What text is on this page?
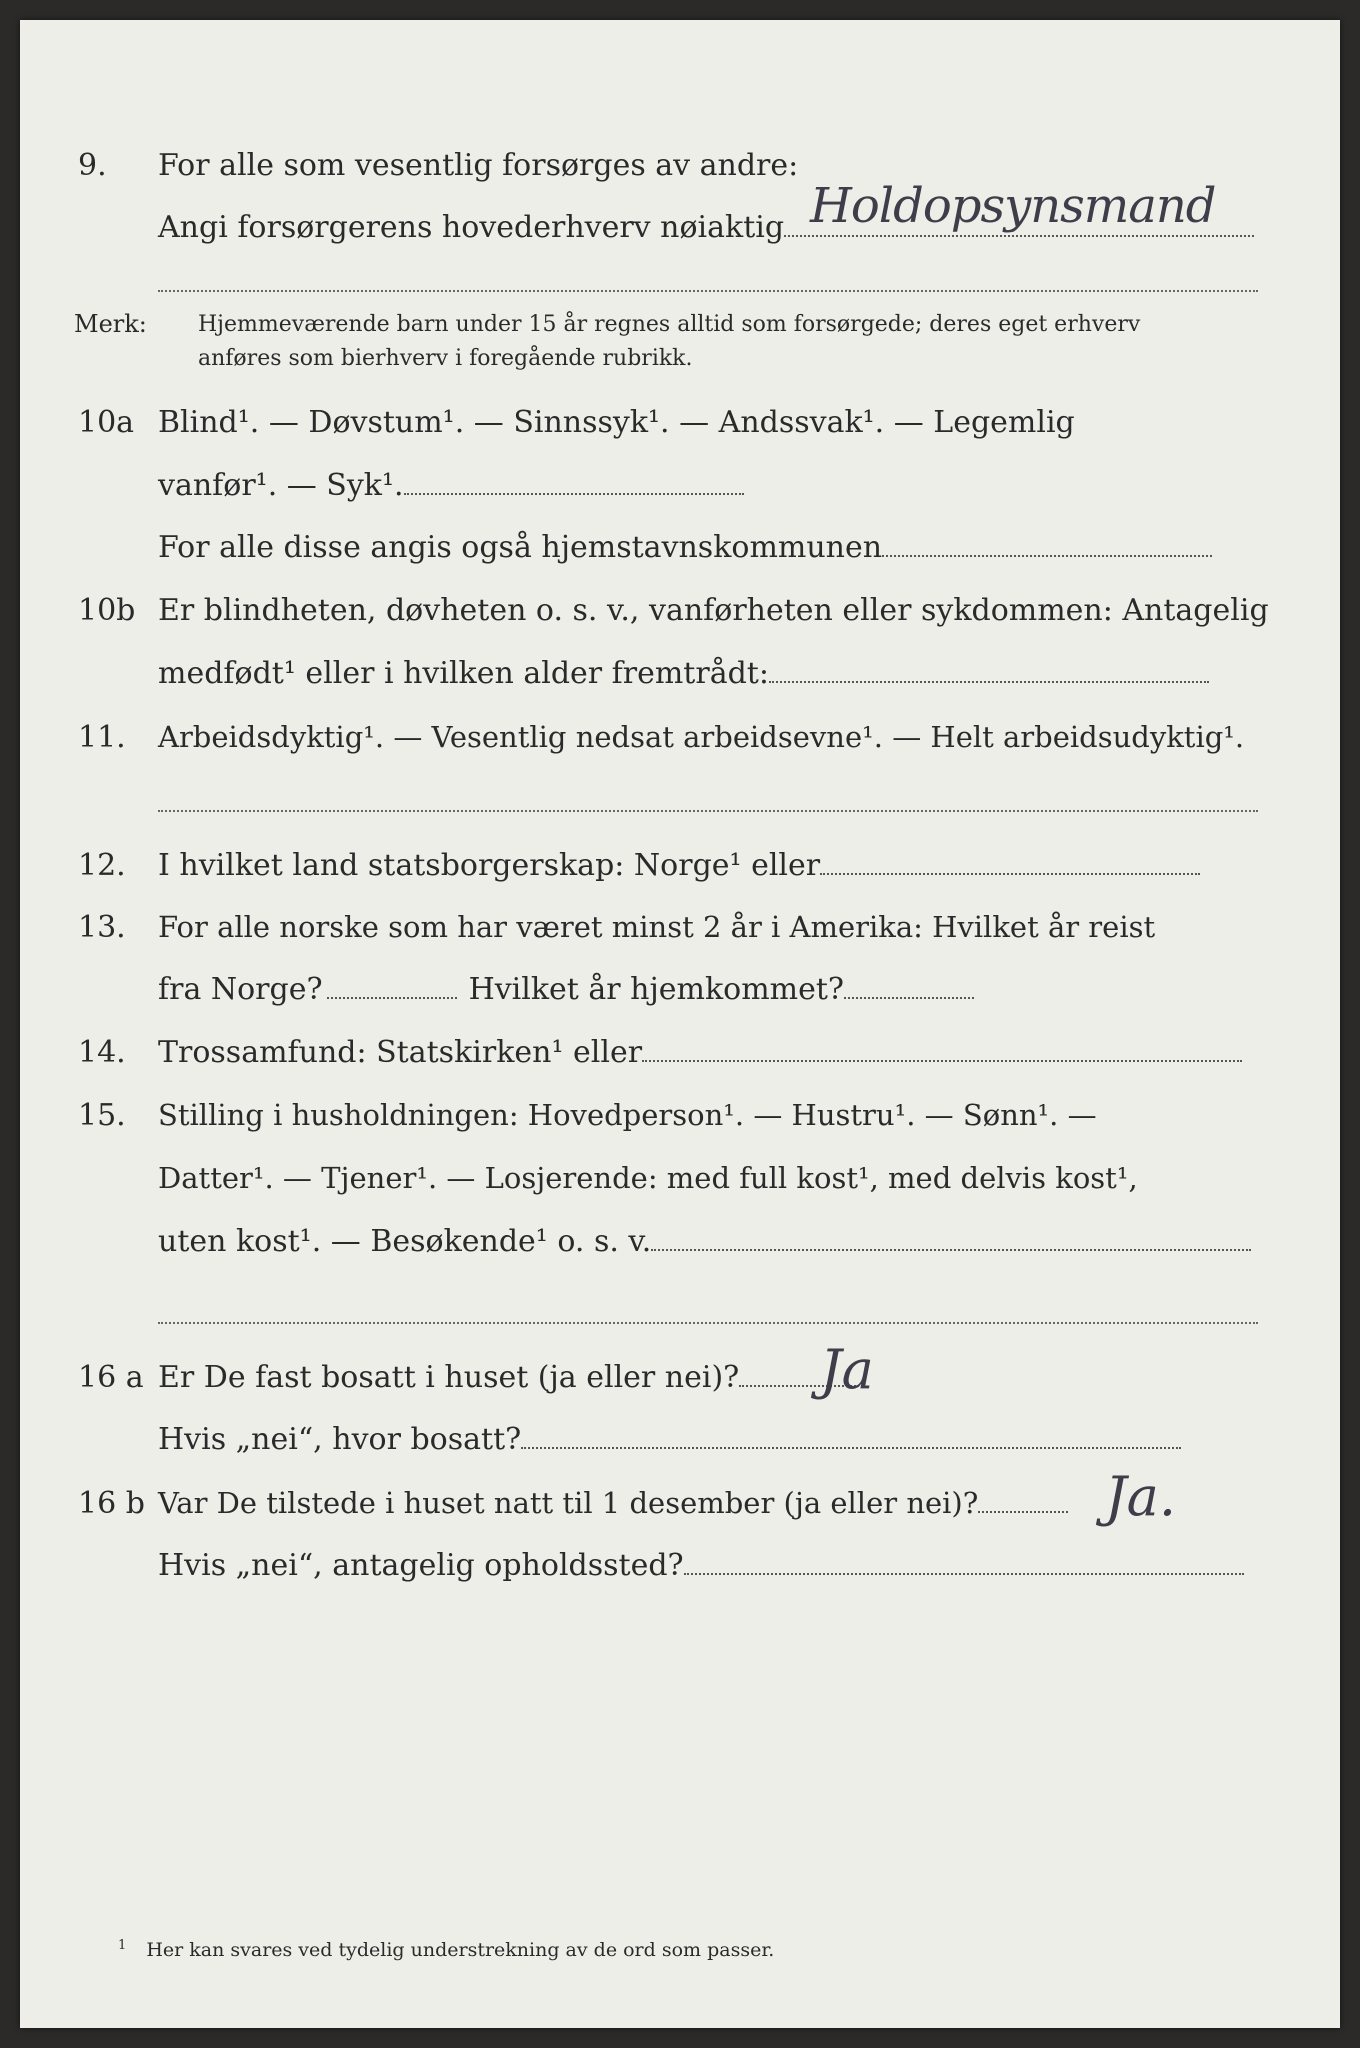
9. For alle som vesentlig forsørges av andre:
Angi forsørgerens hovederhverv nøiaktig Holdopsynsmand
Merk: Hjemmeværende barn under 15 år regnes alltid som forsørgede; deres eget erhverv
anføres som bierhverv i foregående rubrikk.
10a Blind¹. — Døvstum¹. — Sinnssyk¹. — Andssvak¹. — Legemlig
vanfør¹. — Syk¹.
For alle disse angis også hjemstavnskommunen
10b Er blindheten, døvheten o. s. v., vanførheten eller sykdommen: Antagelig
medfødt¹ eller i hvilken alder fremtrådt:
11. Arbeidsdyktig¹. — Vesentlig nedsat arbeidsevne¹. — Helt arbeidsudyktig¹.
12. I hvilket land statsborgerskap: Norge¹ eller
13. For alle norske som har været minst 2 år i Amerika: Hvilket år reist
fra Norge?	Hvilket år hjemkommet?
14. Trossamfund: Statskirken¹ eller
15. Stilling i husholdningen: Hovedperson¹. — Hustru¹. — Sønn¹. —
Datter¹. — Tjener¹. — Losjerende: med full kost¹, med delvis kost¹,
uten kost¹. — Besøkende¹ o. s. v.
16 a Er De fast bosatt i huset (ja eller nei)?	Ja
Hvis „nei“, hvor bosatt?
16 b Var De tilstede i huset natt til 1 desember (ja eller nei)?	Ja.
Hvis „nei“, antagelig opholdssted?
$^1$ Her kan svares ved tydelig understrekning av de ord som passer.
